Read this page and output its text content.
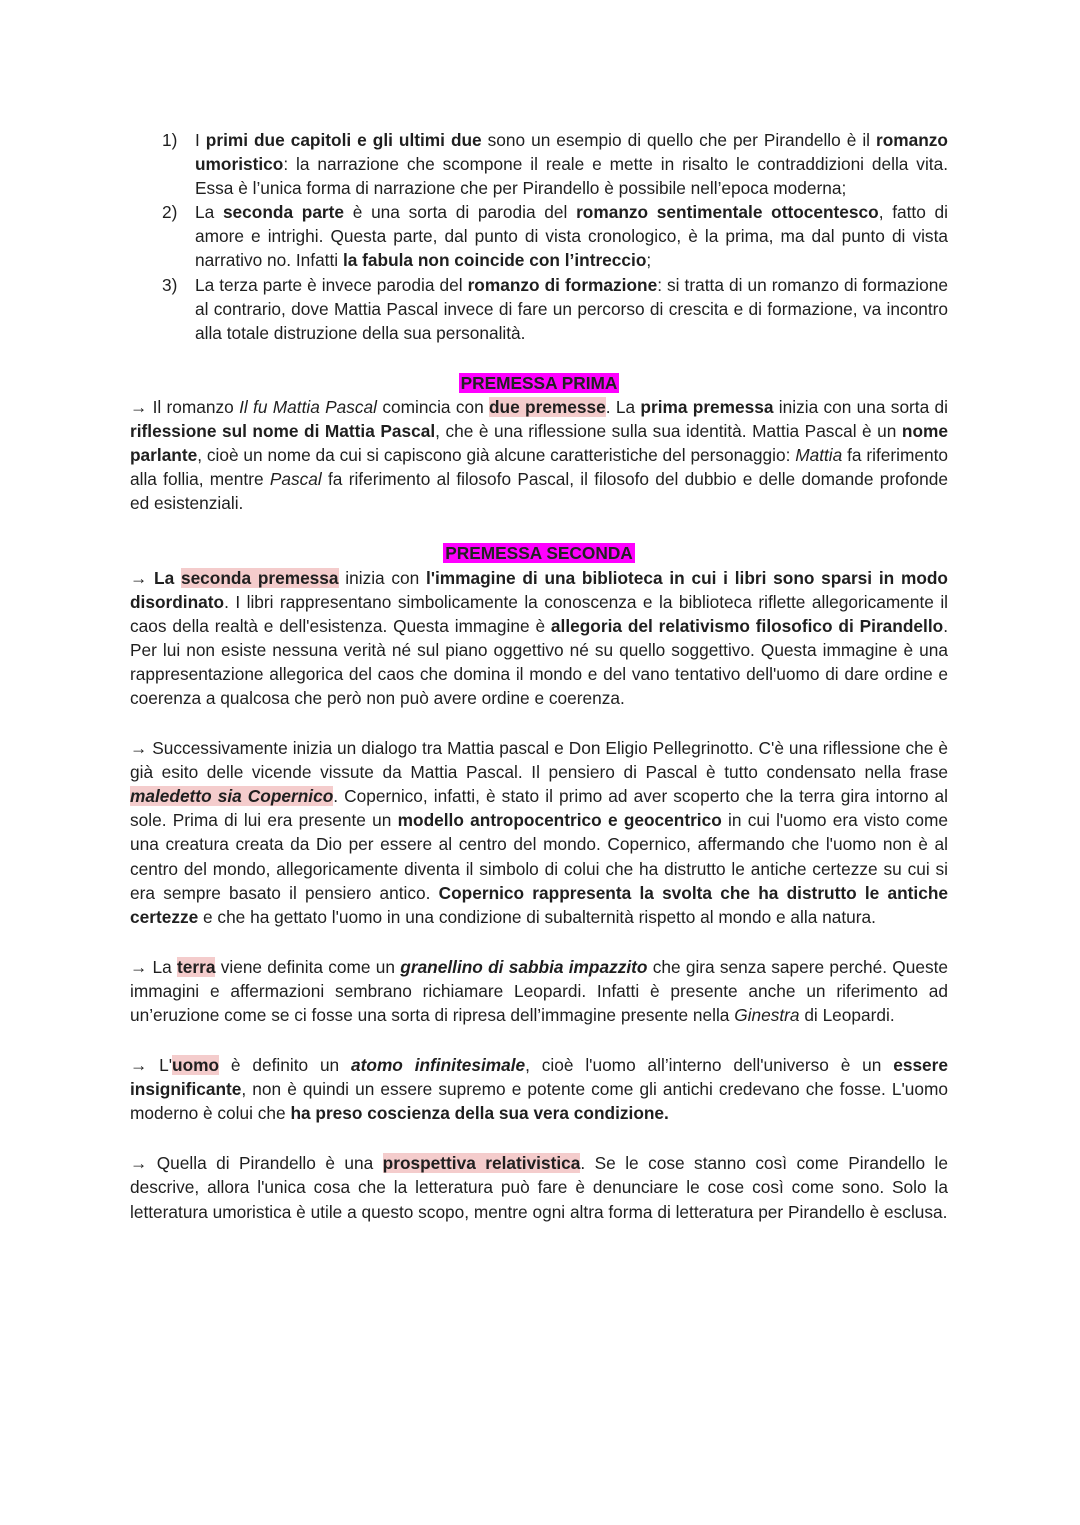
1) I primi due capitoli e gli ultimi due sono un esempio di quello che per Pirandello è il romanzo umoristico: la narrazione che scompone il reale e mette in risalto le contraddizioni della vita. Essa è l’unica forma di narrazione che per Pirandello è possibile nell’epoca moderna;
2) La seconda parte è una sorta di parodia del romanzo sentimentale ottocentesco, fatto di amore e intrighi. Questa parte, dal punto di vista cronologico, è la prima, ma dal punto di vista narrativo no. Infatti la fabula non coincide con l’intreccio;
3) La terza parte è invece parodia del romanzo di formazione: si tratta di un romanzo di formazione al contrario, dove Mattia Pascal invece di fare un percorso di crescita e di formazione, va incontro alla totale distruzione della sua personalità.
PREMESSA PRIMA

→ Il romanzo Il fu Mattia Pascal comincia con due premesse. La prima premessa inizia con una sorta di riflessione sul nome di Mattia Pascal, che è una riflessione sulla sua identità. Mattia Pascal è un nome parlante, cioè un nome da cui si capiscono già alcune caratteristiche del personaggio: Mattia fa riferimento alla follia, mentre Pascal fa riferimento al filosofo Pascal, il filosofo del dubbio e delle domande profonde ed esistenziali.

PREMESSA SECONDA

→ La seconda premessa inizia con l'immagine di una biblioteca in cui i libri sono sparsi in modo disordinato. I libri rappresentano simbolicamente la conoscenza e la biblioteca riflette allegoricamente il caos della realtà e dell'esistenza. Questa immagine è allegoria del relativismo filosofico di Pirandello. Per lui non esiste nessuna verità né sul piano oggettivo né su quello soggettivo. Questa immagine è una rappresentazione allegorica del caos che domina il mondo e del vano tentativo dell'uomo di dare ordine e coerenza a qualcosa che però non può avere ordine e coerenza.

→ Successivamente inizia un dialogo tra Mattia pascal e Don Eligio Pellegrinotto. C'è una riflessione che è già esito delle vicende vissute da Mattia Pascal. Il pensiero di Pascal è tutto condensato nella frase maledetto sia Copernico. Copernico, infatti, è stato il primo ad aver scoperto che la terra gira intorno al sole. Prima di lui era presente un modello antropocentrico e geocentrico in cui l'uomo era visto come una creatura creata da Dio per essere al centro del mondo. Copernico, affermando che l'uomo non è al centro del mondo, allegoricamente diventa il simbolo di colui che ha distrutto le antiche certezze su cui si era sempre basato il pensiero antico. Copernico rappresenta la svolta che ha distrutto le antiche certezze e che ha gettato l'uomo in una condizione di subalternità rispetto al mondo e alla natura.

→ La terra viene definita come un granellino di sabbia impazzito che gira senza sapere perché. Queste immagini e affermazioni sembrano richiamare Leopardi. Infatti è presente anche un riferimento ad un’eruzione come se ci fosse una sorta di ripresa dell’immagine presente nella Ginestra di Leopardi.

→ L'uomo è definito un atomo infinitesimale, cioè l'uomo all’interno dell'universo è un essere insignificante, non è quindi un essere supremo e potente come gli antichi credevano che fosse. L'uomo moderno è colui che ha preso coscienza della sua vera condizione.

→ Quella di Pirandello è una prospettiva relativistica. Se le cose stanno così come Pirandello le descrive, allora l'unica cosa che la letteratura può fare è denunciare le cose così come sono. Solo la letteratura umoristica è utile a questo scopo, mentre ogni altra forma di letteratura per Pirandello è esclusa.
